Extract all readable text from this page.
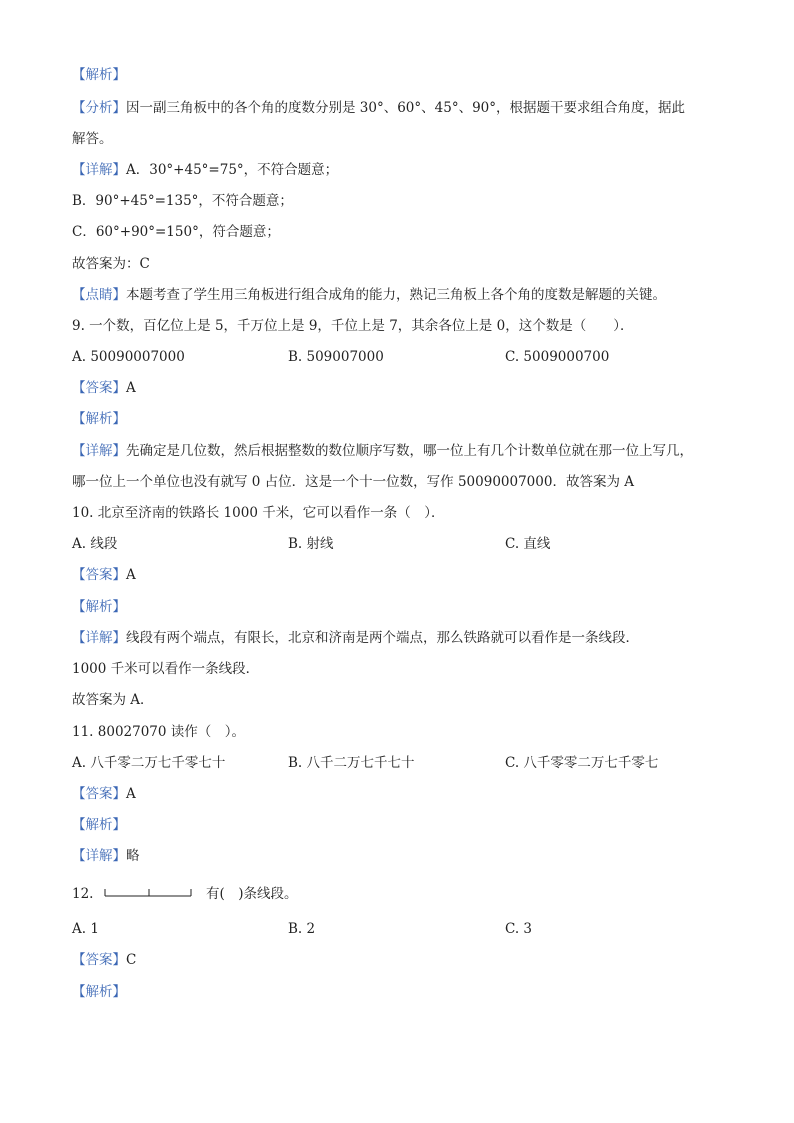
【解析】
【分析】因一副三角板中的各个角的度数分别是 30°、60°、45°、90°，根据题干要求组合角度，据此
解答。
【详解】A．30°+45°=75°，不符合题意；
B．90°+45°=135°，不符合题意；
C．60°+90°=150°，符合题意；
故答案为：C
【点睛】本题考查了学生用三角板进行组合成角的能力，熟记三角板上各个角的度数是解题的关键。
9. 一个数，百亿位上是 5，千万位上是 9，千位上是 7，其余各位上是 0，这个数是（　　）．
A. 50090007000	B. 509007000	C. 5009000700
【答案】A
【解析】
【详解】先确定是几位数，然后根据整数的数位顺序写数，哪一位上有几个计数单位就在那一位上写几，
哪一位上一个单位也没有就写 0 占位．这是一个十一位数，写作 50090007000．故答案为 A
10. 北京至济南的铁路长 1000 千米，它可以看作一条（　）．
A. 线段	B. 射线	C. 直线
【答案】A
【解析】
【详解】线段有两个端点，有限长，北京和济南是两个端点，那么铁路就可以看作是一条线段．
1000 千米可以看作一条线段．
故答案为 A．
11. 80027070 读作（　）。
A. 八千零二万七千零七十	B. 八千二万七千七十	C. 八千零零二万七千零七
【答案】A
【解析】
【详解】略
12.	有(　)条线段。
A. 1	B. 2	C. 3
【答案】C
【解析】
